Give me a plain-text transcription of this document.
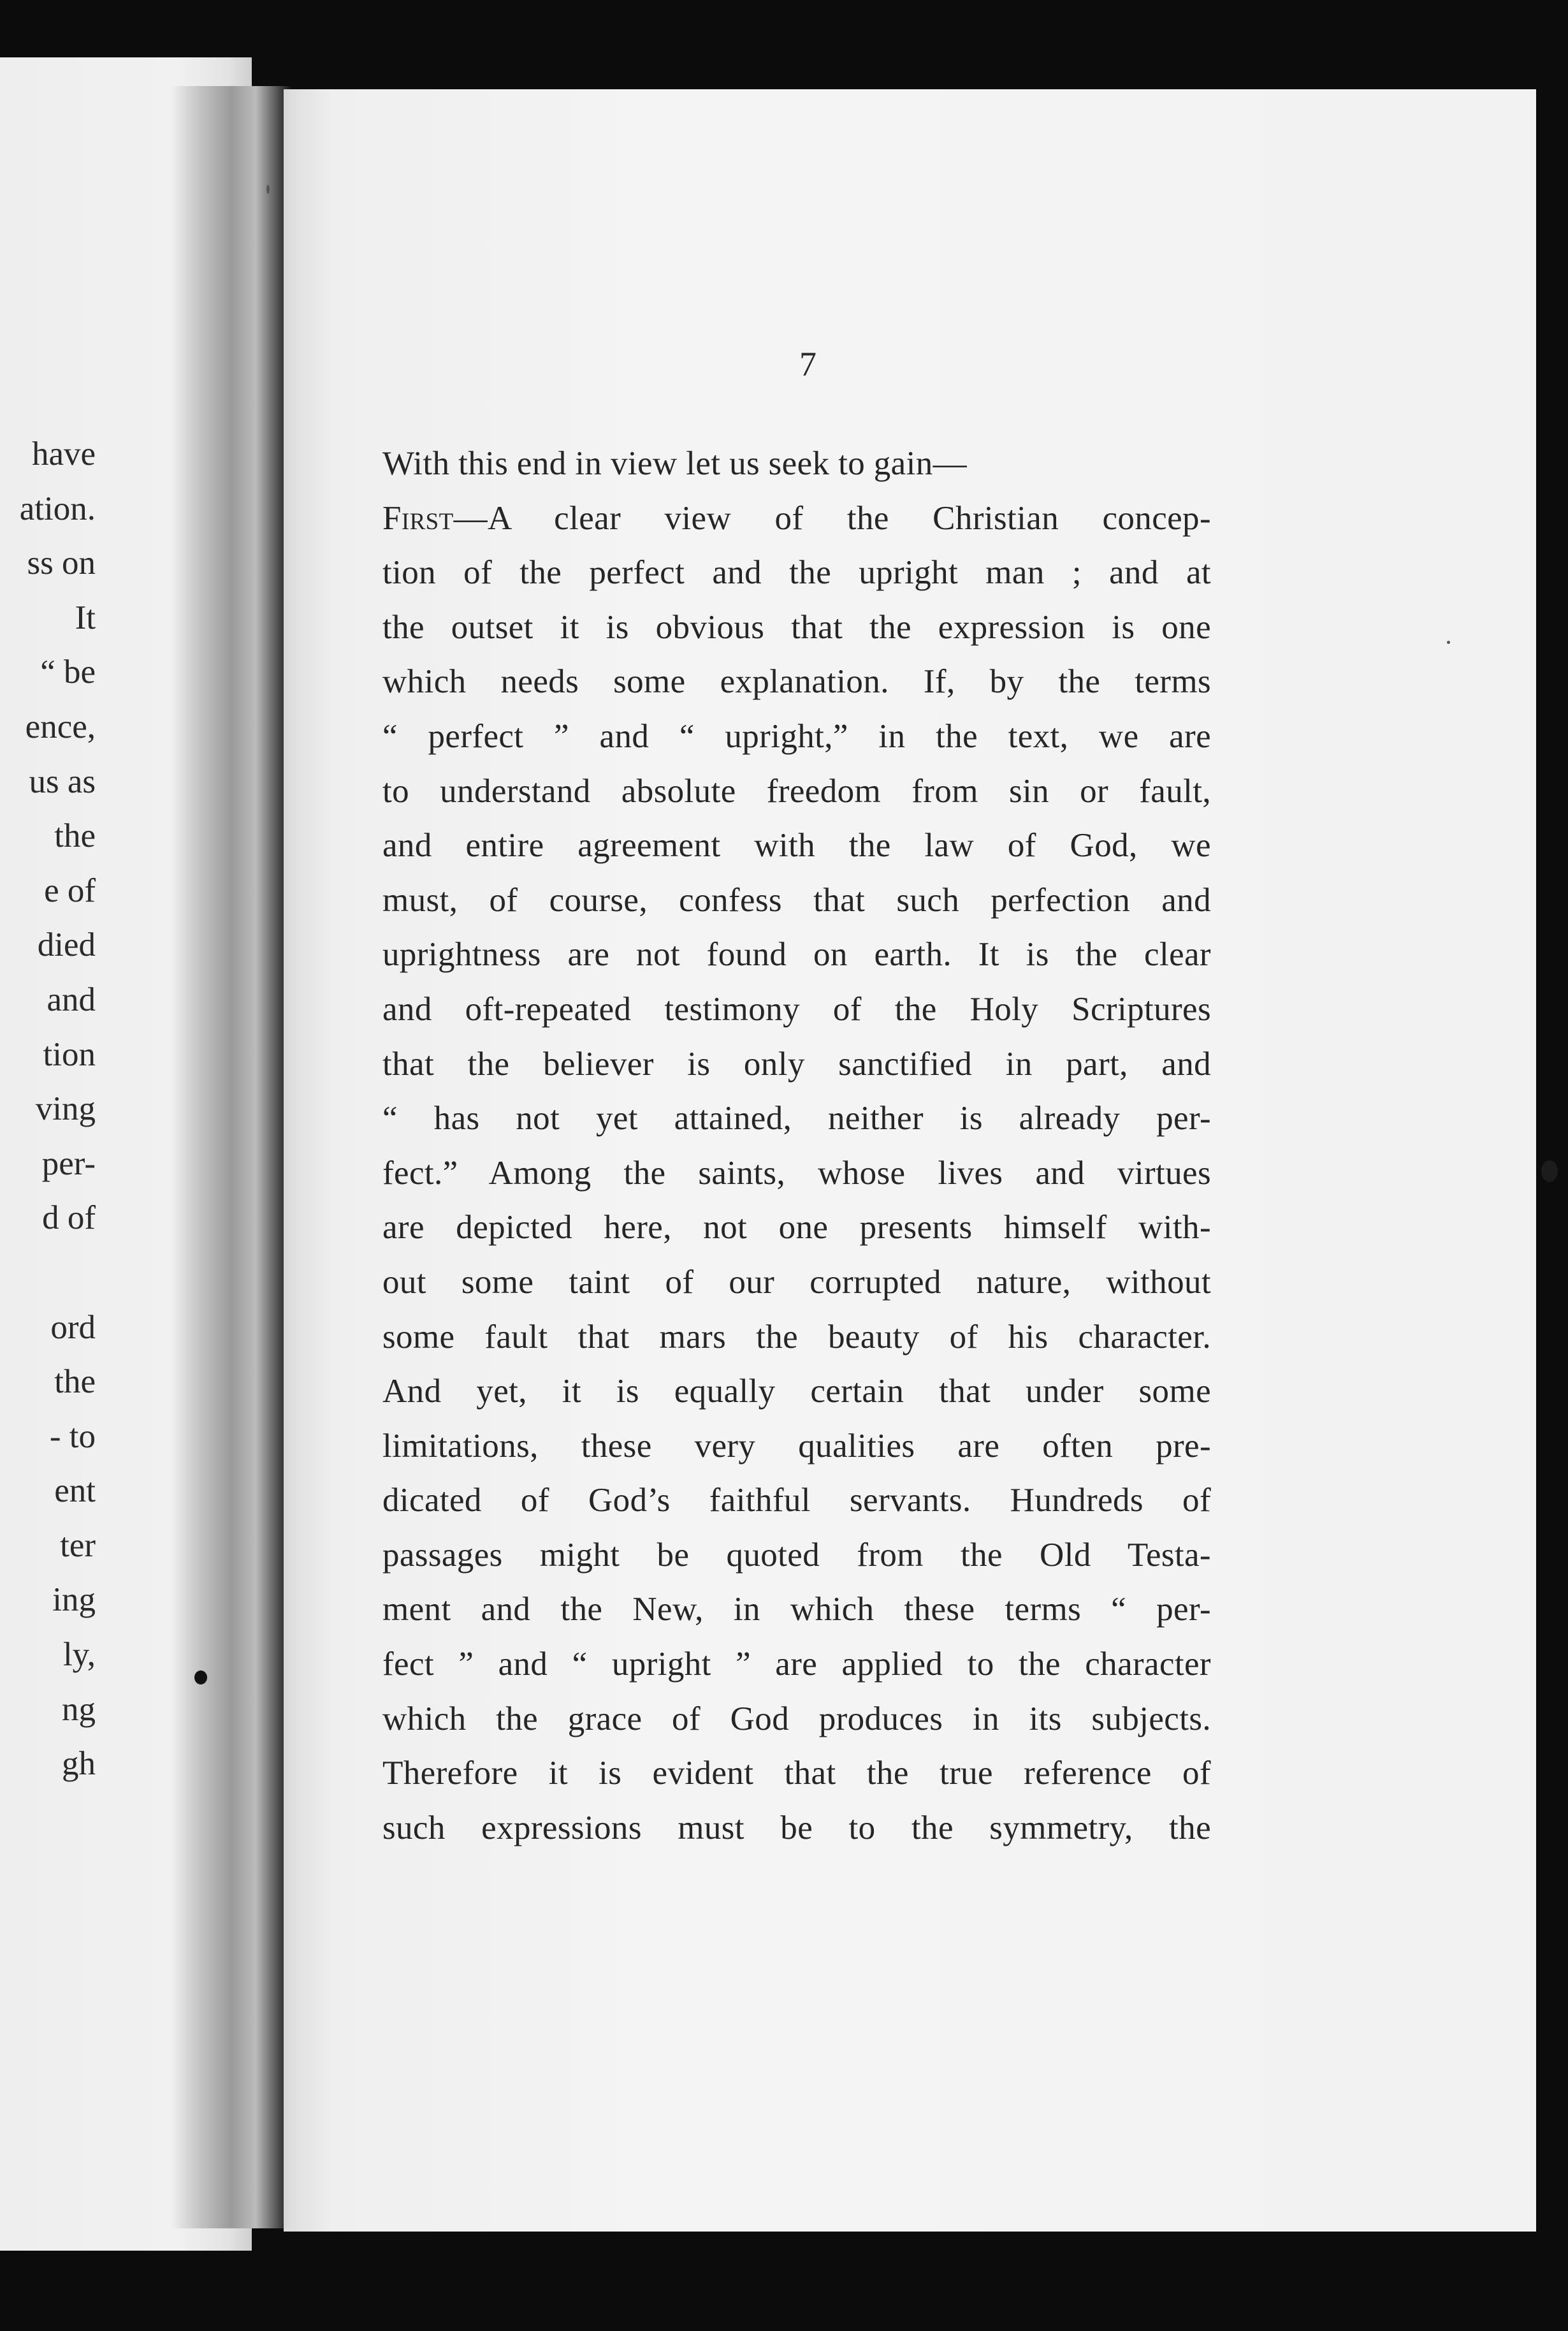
have
ation.
ss on
It
“ be
ence,
us as
the
e of
died
and
tion
ving
per-
d of
ord
the
- to
ent
ter
ing
ly,
ng
gh
7
With this end in view let us seek to gain—
First—A clear view of the Christian concep-
tion of the perfect and the upright man ; and at
the outset it is obvious that the expression is one
which needs some explanation. If, by the terms
“ perfect ” and “ upright,” in the text, we are
to understand absolute freedom from sin or fault,
and entire agreement with the law of God, we
must, of course, confess that such perfection and
uprightness are not found on earth. It is the clear
and oft-repeated testimony of the Holy Scriptures
that the believer is only sanctified in part, and
“ has not yet attained, neither is already per-
fect.” Among the saints, whose lives and virtues
are depicted here, not one presents himself with-
out some taint of our corrupted nature, without
some fault that mars the beauty of his character.
And yet, it is equally certain that under some
limitations, these very qualities are often pre-
dicated of God’s faithful servants. Hundreds of
passages might be quoted from the Old Testa-
ment and the New, in which these terms “ per-
fect ” and “ upright ” are applied to the character
which the grace of God produces in its subjects.
Therefore it is evident that the true reference of
such expressions must be to the symmetry, the
